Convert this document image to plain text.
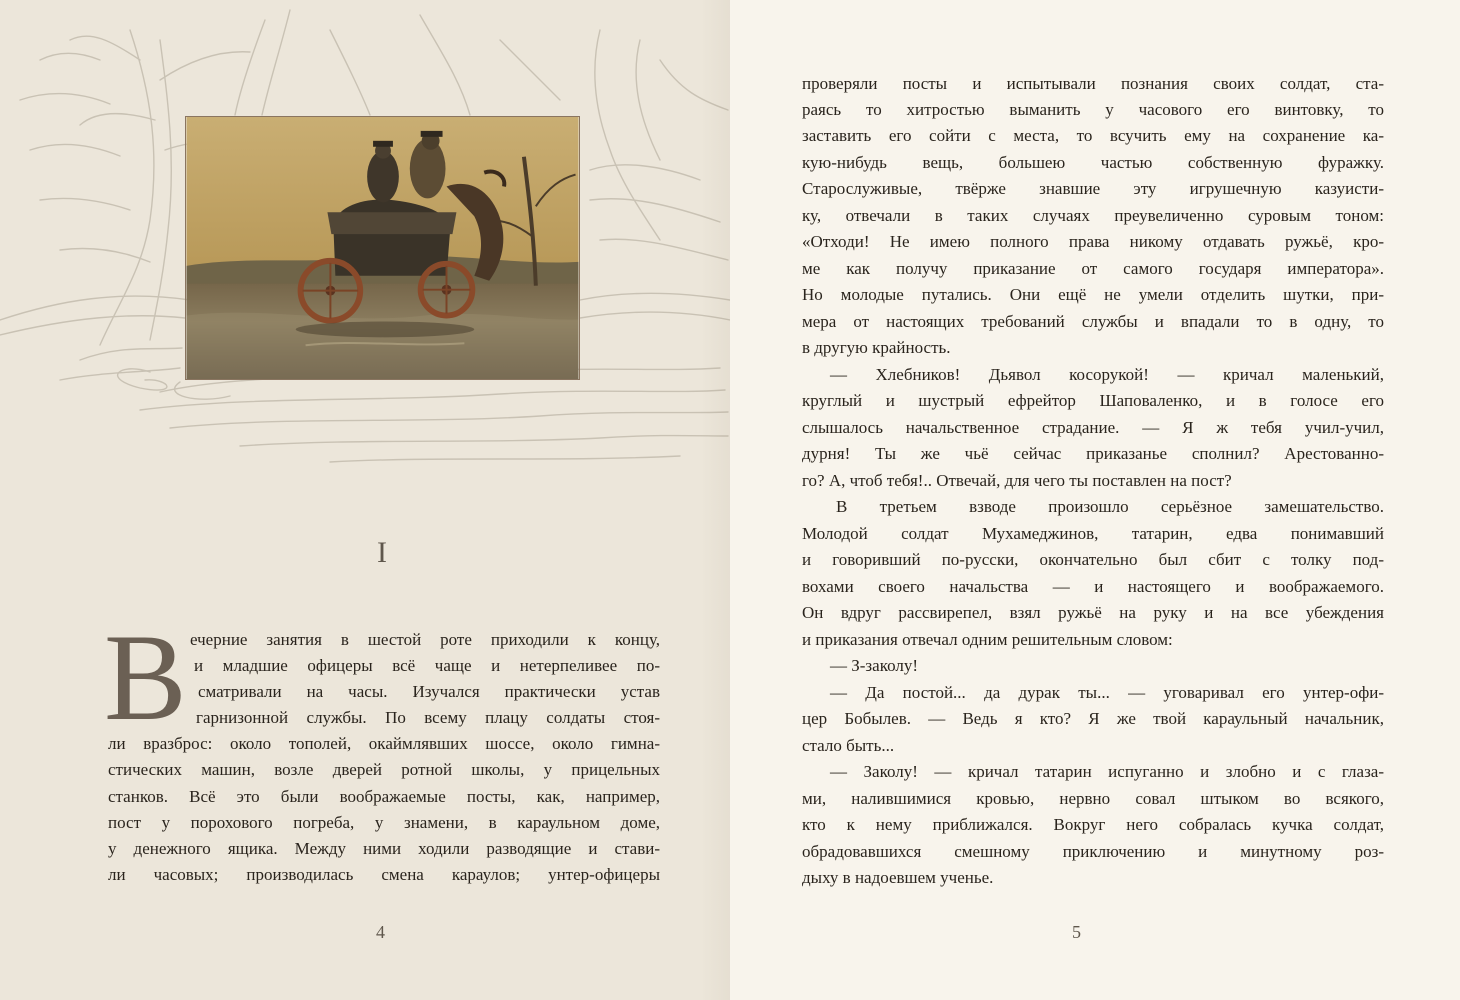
I
В ечерние занятия в шестой роте приходили к концу,
и младшие офицеры всё чаще и нетерпеливее по-
сматривали на часы. Изучался практически устав
гарнизонной службы. По всему плацу солдаты стоя-
ли вразброс: около тополей, окаймлявших шоссе, около гимна-
стических машин, возле дверей ротной школы, у прицельных
станков. Всё это были воображаемые посты, как, например,
пост у порохового погреба, у знамени, в караульном доме,
у денежного ящика. Между ними ходили разводящие и стави-
ли часовых; производилась смена караулов; унтер-офицеры
4
проверяли посты и испытывали познания своих солдат, ста-
раясь то хитростью выманить у часового его винтовку, то
заставить его сойти с места, то всучить ему на сохранение ка-
кую-нибудь вещь, большею частью собственную фуражку.
Старослуживые, твёрже знавшие эту игрушечную казуисти-
ку, отвечали в таких случаях преувеличенно суровым тоном:
«Отходи! Не имею полного права никому отдавать ружьё, кро-
ме как получу приказание от самого государя императора».
Но молодые путались. Они ещё не умели отделить шутки, при-
мера от настоящих требований службы и впадали то в одну, то
в другую крайность.
— Хлебников! Дьявол косорукой! — кричал маленький,
круглый и шустрый ефрейтор Шаповаленко, и в голосе его
слышалось начальственное страдание. — Я ж тебя учил-учил,
дурня! Ты же чьё сейчас приказанье сполнил? Арестованно-
го? А, чтоб тебя!.. Отвечай, для чего ты поставлен на пост?
В третьем взводе произошло серьёзное замешательство.
Молодой солдат Мухамеджинов, татарин, едва понимавший
и говоривший по-русски, окончательно был сбит с толку под-
вохами своего начальства — и настоящего и воображаемого.
Он вдруг рассвирепел, взял ружьё на руку и на все убеждения
и приказания отвечал одним решительным словом:
— З-заколу!
— Да постой... да дурак ты... — уговаривал его унтер-офи-
цер Бобылев. — Ведь я кто? Я же твой караульный начальник,
стало быть...
— Заколу! — кричал татарин испуганно и злобно и с глаза-
ми, налившимися кровью, нервно совал штыком во всякого,
кто к нему приближался. Вокруг него собралась кучка солдат,
обрадовавшихся смешному приключению и минутному роз-
дыху в надоевшем ученье.
5
